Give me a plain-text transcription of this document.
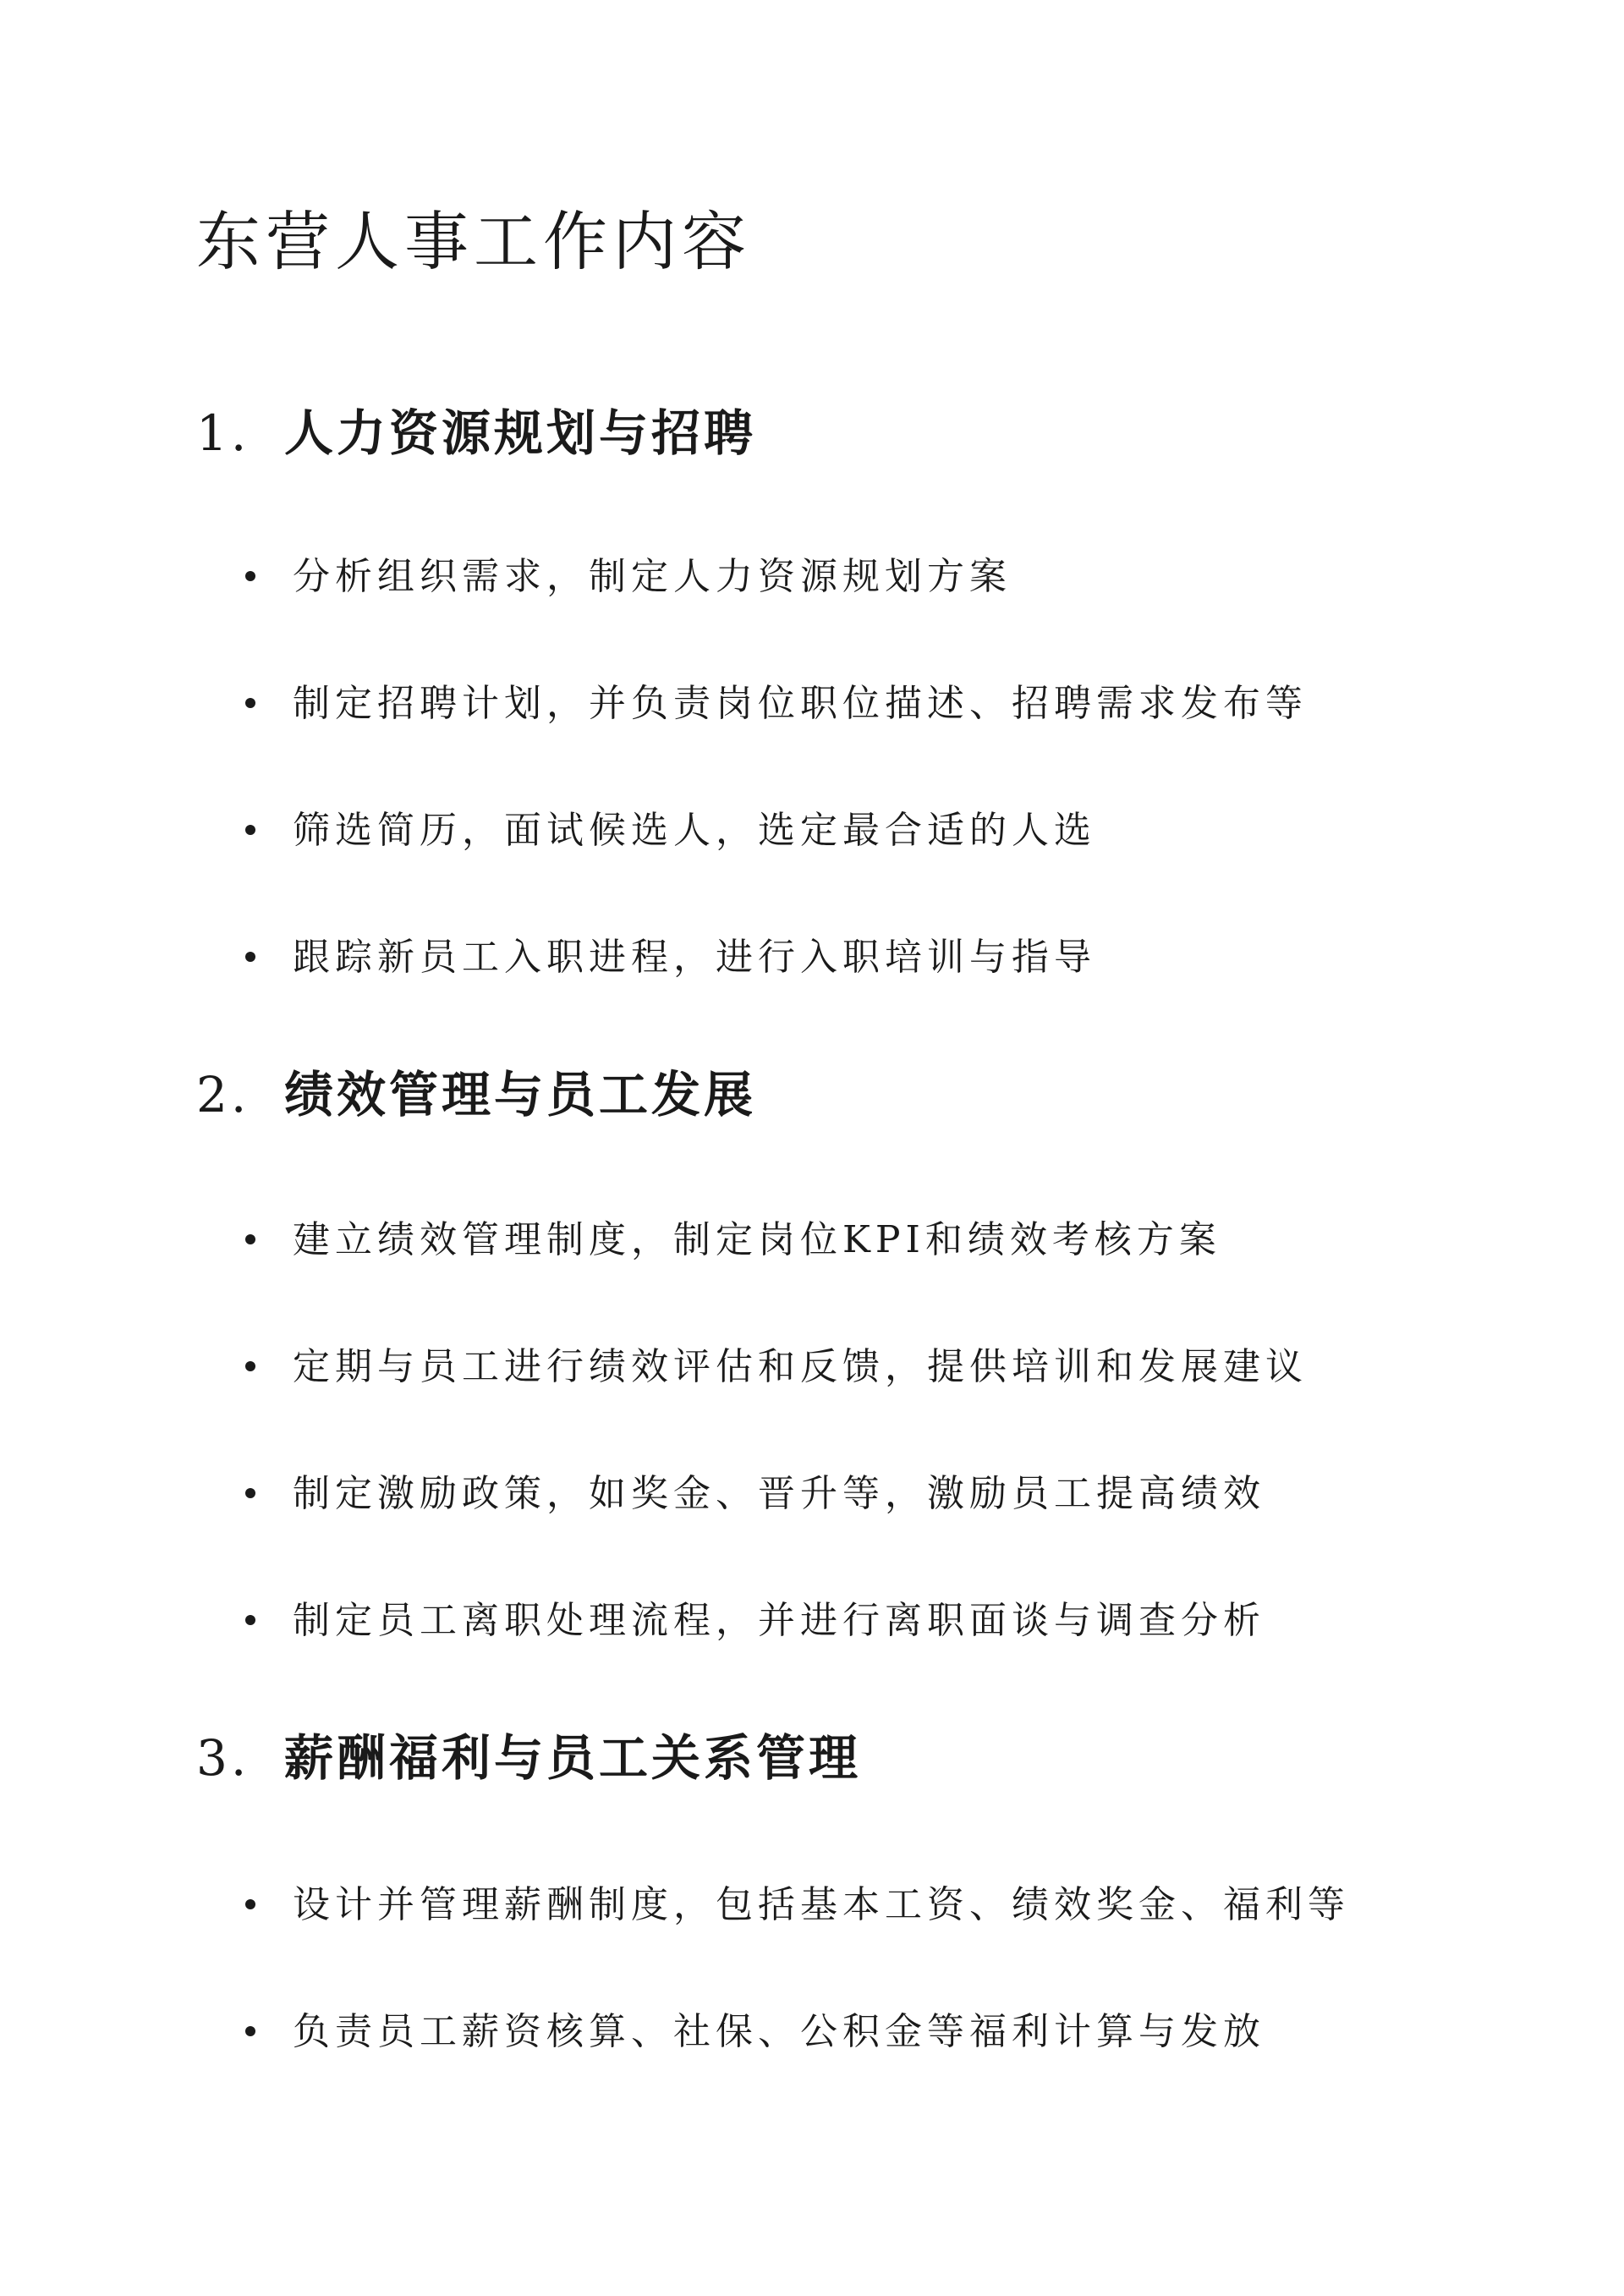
东营人事工作内容
1. 人力资源规划与招聘
分析组织需求，制定人力资源规划方案
制定招聘计划，并负责岗位职位描述、招聘需求发布等
筛选简历，面试候选人，选定最合适的人选
跟踪新员工入职进程，进行入职培训与指导
2. 绩效管理与员工发展
建立绩效管理制度，制定岗位KPI和绩效考核方案
定期与员工进行绩效评估和反馈，提供培训和发展建议
制定激励政策，如奖金、晋升等，激励员工提高绩效
制定员工离职处理流程，并进行离职面谈与调查分析
3. 薪酬福利与员工关系管理
设计并管理薪酬制度，包括基本工资、绩效奖金、福利等
负责员工薪资核算、社保、公积金等福利计算与发放
